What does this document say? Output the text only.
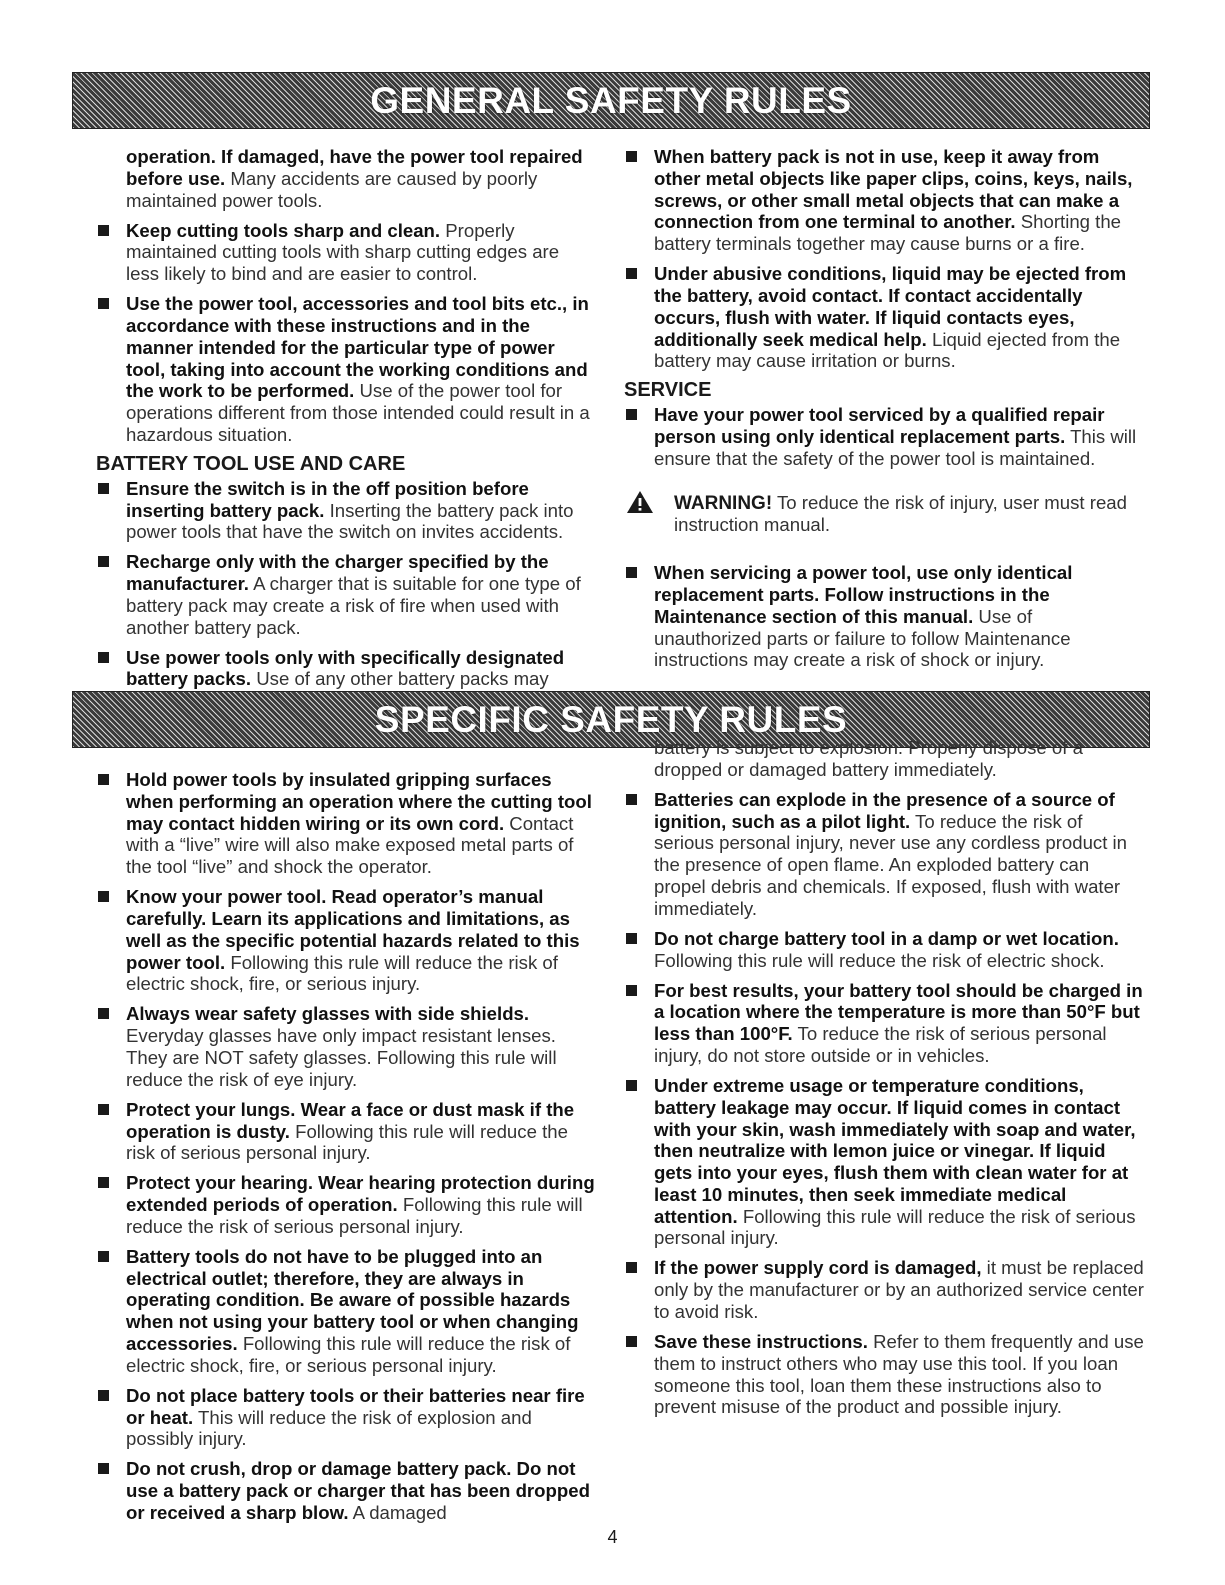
GENERAL SAFETY RULES

operation. If damaged, have the power tool repaired before use. Many accidents are caused by poorly maintained power tools.

Keep cutting tools sharp and clean. Properly maintained cutting tools with sharp cutting edges are less likely to bind and are easier to control.

Use the power tool, accessories and tool bits etc., in accordance with these instructions and in the manner intended for the particular type of power tool, taking into account the working conditions and the work to be performed. Use of the power tool for operations different from those intended could result in a hazardous situation.

BATTERY TOOL USE AND CARE

Ensure the switch is in the off position before inserting battery pack. Inserting the battery pack into power tools that have the switch on invites accidents.

Recharge only with the charger specified by the manufacturer. A charger that is suitable for one type of battery pack may create a risk of fire when used with another battery pack.

Use power tools only with specifically designated battery packs. Use of any other battery packs may

When battery pack is not in use, keep it away from other metal objects like paper clips, coins, keys, nails, screws, or other small metal objects that can make a connection from one terminal to another. Shorting the battery terminals together may cause burns or a fire.

Under abusive conditions, liquid may be ejected from the battery, avoid contact. If contact accidentally occurs, flush with water. If liquid contacts eyes, additionally seek medical help. Liquid ejected from the battery may cause irritation or burns.

SERVICE

Have your power tool serviced by a qualified repair person using only identical replacement parts. This will ensure that the safety of the power tool is maintained.

WARNING! To reduce the risk of injury, user must read instruction manual.

When servicing a power tool, use only identical replacement parts. Follow instructions in the Maintenance section of this manual. Use of unauthorized parts or failure to follow Maintenance instructions may create a risk of shock or injury.

SPECIFIC SAFETY RULES

Hold power tools by insulated gripping surfaces when performing an operation where the cutting tool may contact hidden wiring or its own cord. Contact with a “live” wire will also make exposed metal parts of the tool “live” and shock the operator.

Know your power tool. Read operator’s manual carefully. Learn its applications and limitations, as well as the specific potential hazards related to this power tool. Following this rule will reduce the risk of electric shock, fire, or serious injury.

Always wear safety glasses with side shields. Everyday glasses have only impact resistant lenses. They are NOT safety glasses. Following this rule will reduce the risk of eye injury.

Protect your lungs. Wear a face or dust mask if the operation is dusty. Following this rule will reduce the risk of serious personal injury.

Protect your hearing. Wear hearing protection during extended periods of operation. Following this rule will reduce the risk of serious personal injury.

Battery tools do not have to be plugged into an electrical outlet; therefore, they are always in operating condition. Be aware of possible hazards when not using your battery tool or when changing accessories. Following this rule will reduce the risk of electric shock, fire, or serious personal injury.

Do not place battery tools or their batteries near fire or heat. This will reduce the risk of explosion and possibly injury.

Do not crush, drop or damage battery pack. Do not use a battery pack or charger that has been dropped or received a sharp blow. A damaged

battery is subject to explosion. Properly dispose of a dropped or damaged battery immediately.

Batteries can explode in the presence of a source of ignition, such as a pilot light. To reduce the risk of serious personal injury, never use any cordless product in the presence of open flame. An exploded battery can propel debris and chemicals. If exposed, flush with water immediately.

Do not charge battery tool in a damp or wet location. Following this rule will reduce the risk of electric shock.

For best results, your battery tool should be charged in a location where the temperature is more than 50°F but less than 100°F. To reduce the risk of serious personal injury, do not store outside or in vehicles.

Under extreme usage or temperature conditions, battery leakage may occur. If liquid comes in contact with your skin, wash immediately with soap and water, then neutralize with lemon juice or vinegar. If liquid gets into your eyes, flush them with clean water for at least 10 minutes, then seek immediate medical attention. Following this rule will reduce the risk of serious personal injury.

If the power supply cord is damaged, it must be replaced only by the manufacturer or by an authorized service center to avoid risk.

Save these instructions. Refer to them frequently and use them to instruct others who may use this tool. If you loan someone this tool, loan them these instructions also to prevent misuse of the product and possible injury.

4
